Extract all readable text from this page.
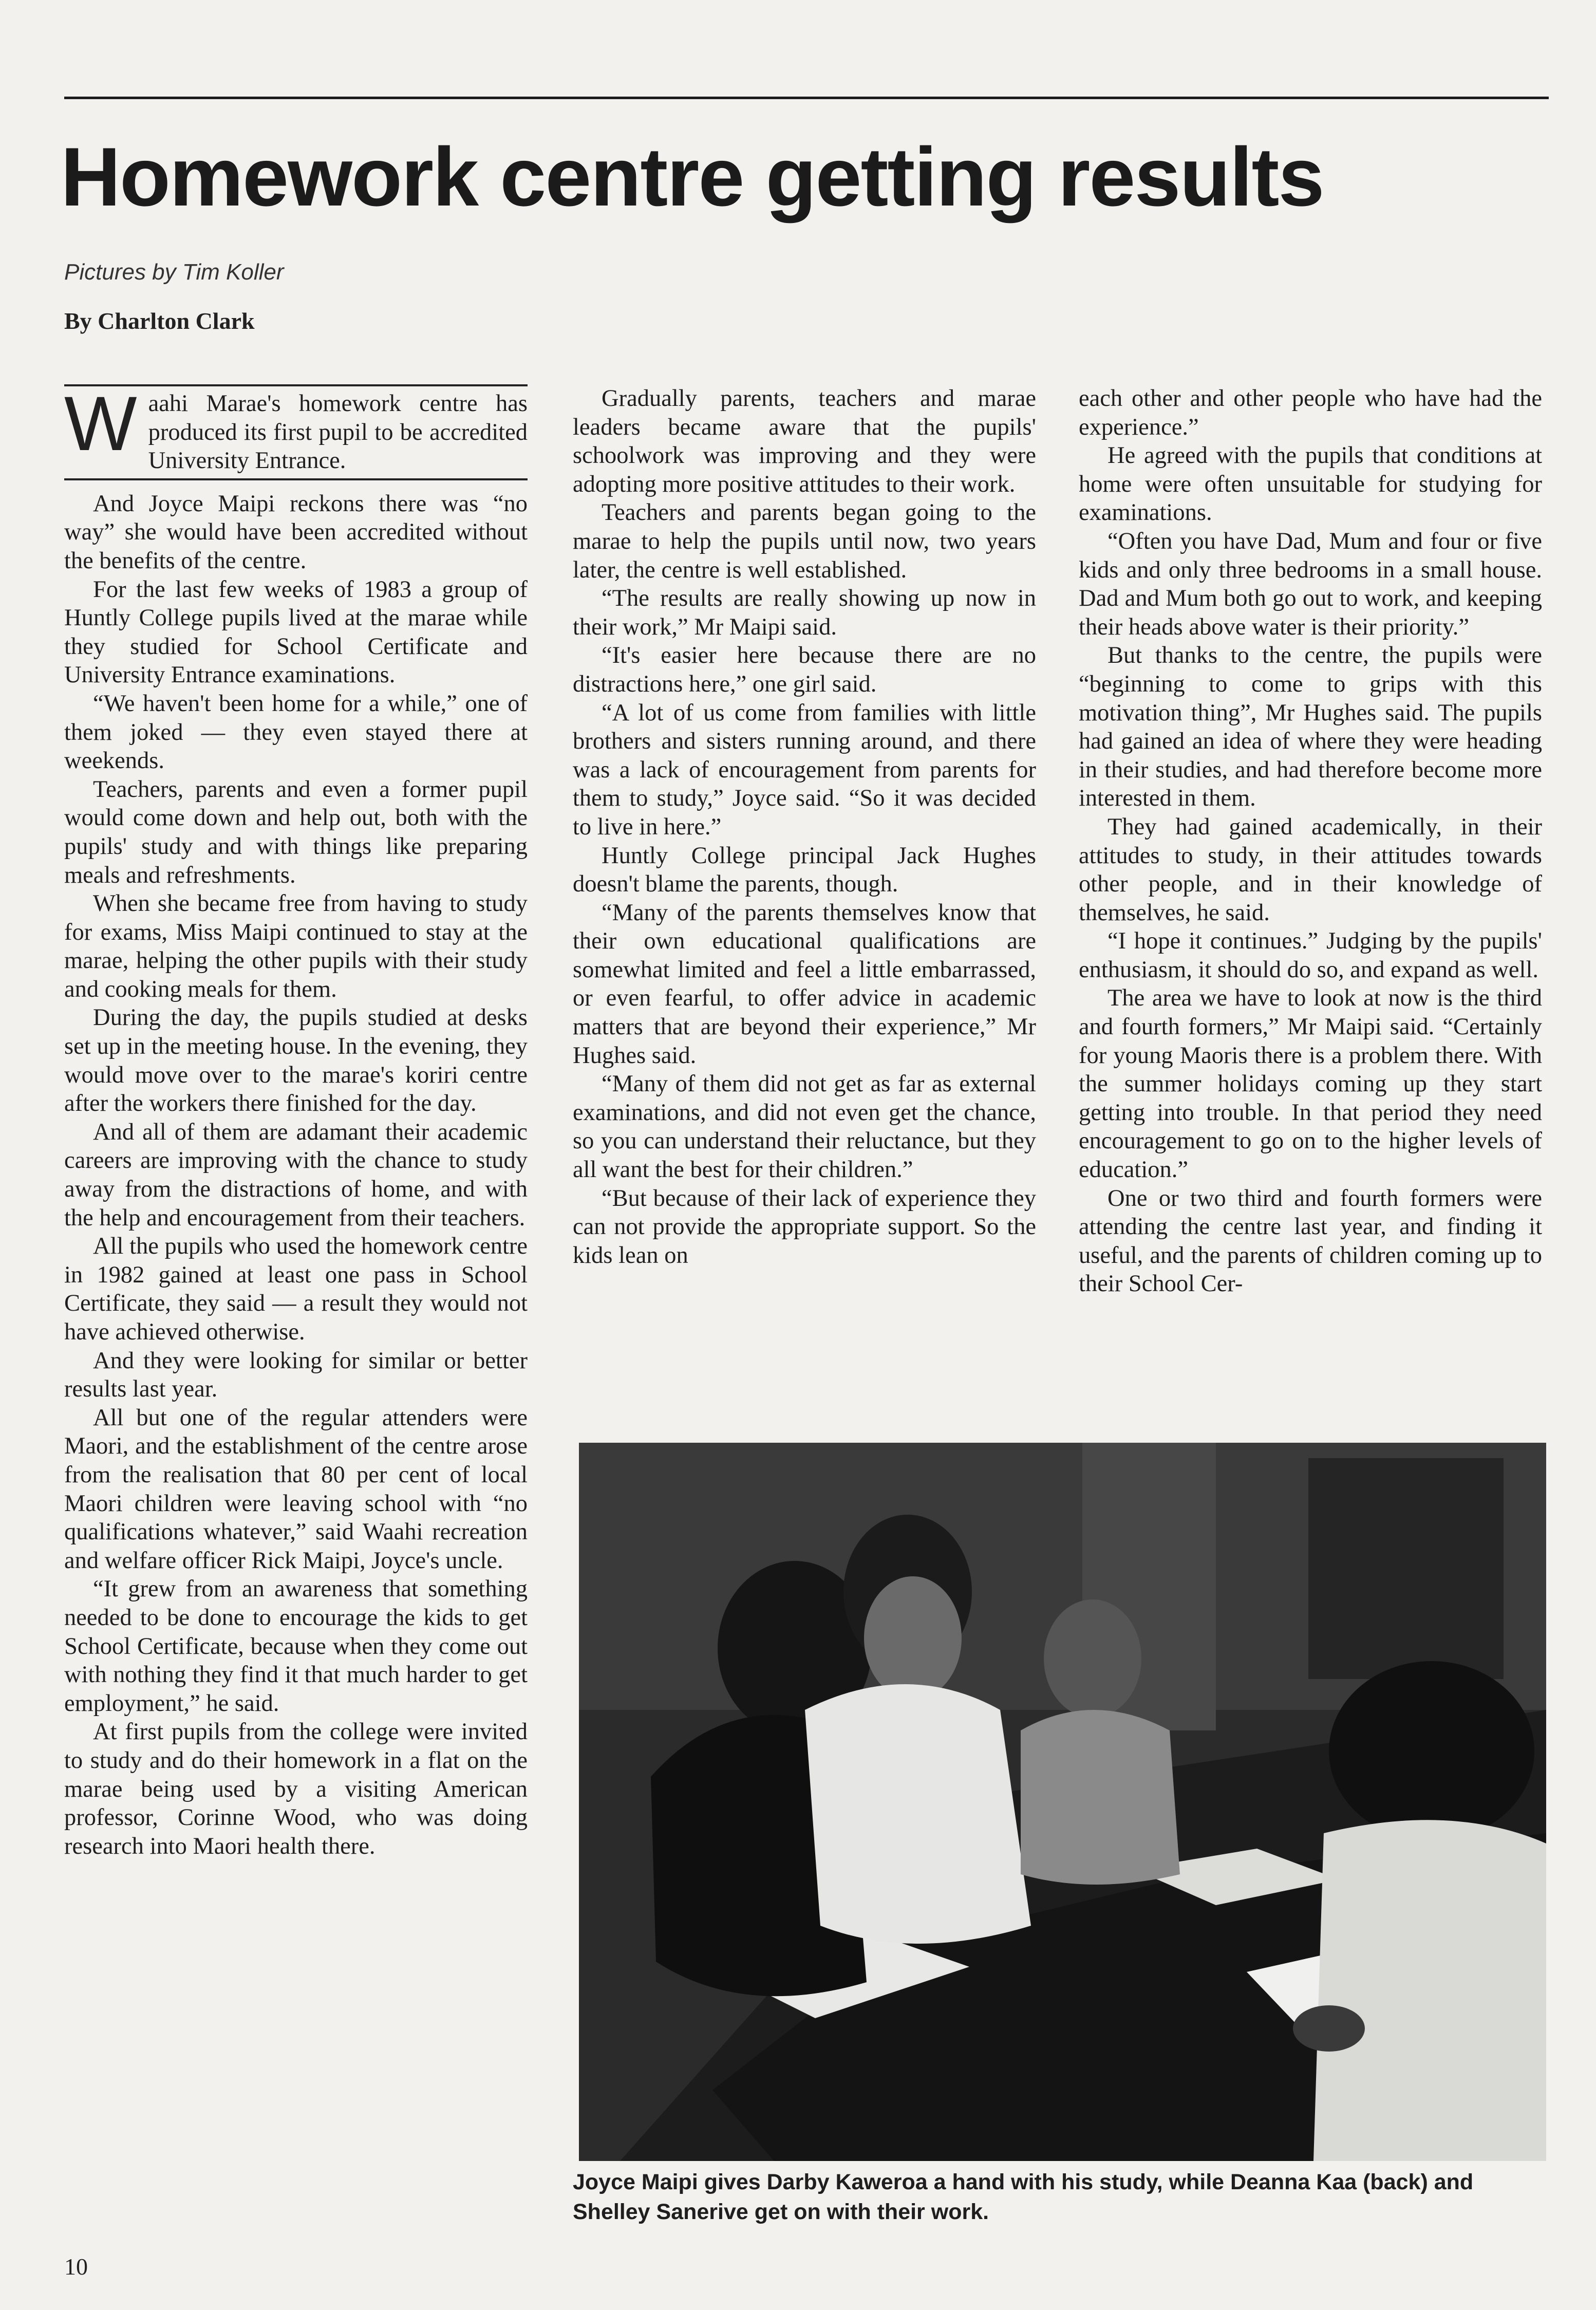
Homework centre getting results
Pictures by Tim Koller
By Charlton Clark
W aahi Marae's homework centre has produced its first pupil to be accredited University Entrance.

And Joyce Maipi reckons there was “no way” she would have been accredited without the benefits of the centre.

For the last few weeks of 1983 a group of Huntly College pupils lived at the marae while they studied for School Certificate and University Entrance examinations.

“We haven't been home for a while,” one of them joked — they even stayed there at weekends.

Teachers, parents and even a former pupil would come down and help out, both with the pupils' study and with things like preparing meals and refreshments.

When she became free from having to study for exams, Miss Maipi continued to stay at the marae, helping the other pupils with their study and cooking meals for them.

During the day, the pupils studied at desks set up in the meeting house. In the evening, they would move over to the marae's koriri centre after the workers there finished for the day.

And all of them are adamant their academic careers are improving with the chance to study away from the distractions of home, and with the help and encouragement from their teachers.

All the pupils who used the homework centre in 1982 gained at least one pass in School Certificate, they said — a result they would not have achieved otherwise.

And they were looking for similar or better results last year.

All but one of the regular attenders were Maori, and the establishment of the centre arose from the realisation that 80 per cent of local Maori children were leaving school with “no qualifications whatever,” said Waahi recreation and welfare officer Rick Maipi, Joyce's uncle.

“It grew from an awareness that something needed to be done to encourage the kids to get School Certificate, because when they come out with nothing they find it that much harder to get employment,” he said.

At first pupils from the college were invited to study and do their homework in a flat on the marae being used by a visiting American professor, Corinne Wood, who was doing research into Maori health there.

Gradually parents, teachers and marae leaders became aware that the pupils' schoolwork was improving and they were adopting more positive attitudes to their work.

Teachers and parents began going to the marae to help the pupils until now, two years later, the centre is well established.

“The results are really showing up now in their work,” Mr Maipi said.

“It's easier here because there are no distractions here,” one girl said.

“A lot of us come from families with little brothers and sisters running around, and there was a lack of encouragement from parents for them to study,” Joyce said. “So it was decided to live in here.”

Huntly College principal Jack Hughes doesn't blame the parents, though.

“Many of the parents themselves know that their own educational qualifications are somewhat limited and feel a little embarrassed, or even fearful, to offer advice in academic matters that are beyond their experience,” Mr Hughes said.

“Many of them did not get as far as external examinations, and did not even get the chance, so you can understand their reluctance, but they all want the best for their children.”

“But because of their lack of experience they can not provide the appropriate support. So the kids lean on

each other and other people who have had the experience.”

He agreed with the pupils that conditions at home were often unsuitable for studying for examinations.

“Often you have Dad, Mum and four or five kids and only three bedrooms in a small house. Dad and Mum both go out to work, and keeping their heads above water is their priority.”

But thanks to the centre, the pupils were “beginning to come to grips with this motivation thing”, Mr Hughes said. The pupils had gained an idea of where they were heading in their studies, and had therefore become more interested in them.

They had gained academically, in their attitudes to study, in their attitudes towards other people, and in their knowledge of themselves, he said.

“I hope it continues.” Judging by the pupils' enthusiasm, it should do so, and expand as well.

The area we have to look at now is the third and fourth formers,” Mr Maipi said. “Certainly for young Maoris there is a problem there. With the summer holidays coming up they start getting into trouble. In that period they need encouragement to go on to the higher levels of education.”

One or two third and fourth formers were attending the centre last year, and finding it useful, and the parents of children coming up to their School Cer-

Joyce Maipi gives Darby Kaweroa a hand with his study, while Deanna Kaa (back) and Shelley Sanerive get on with their work.
10
